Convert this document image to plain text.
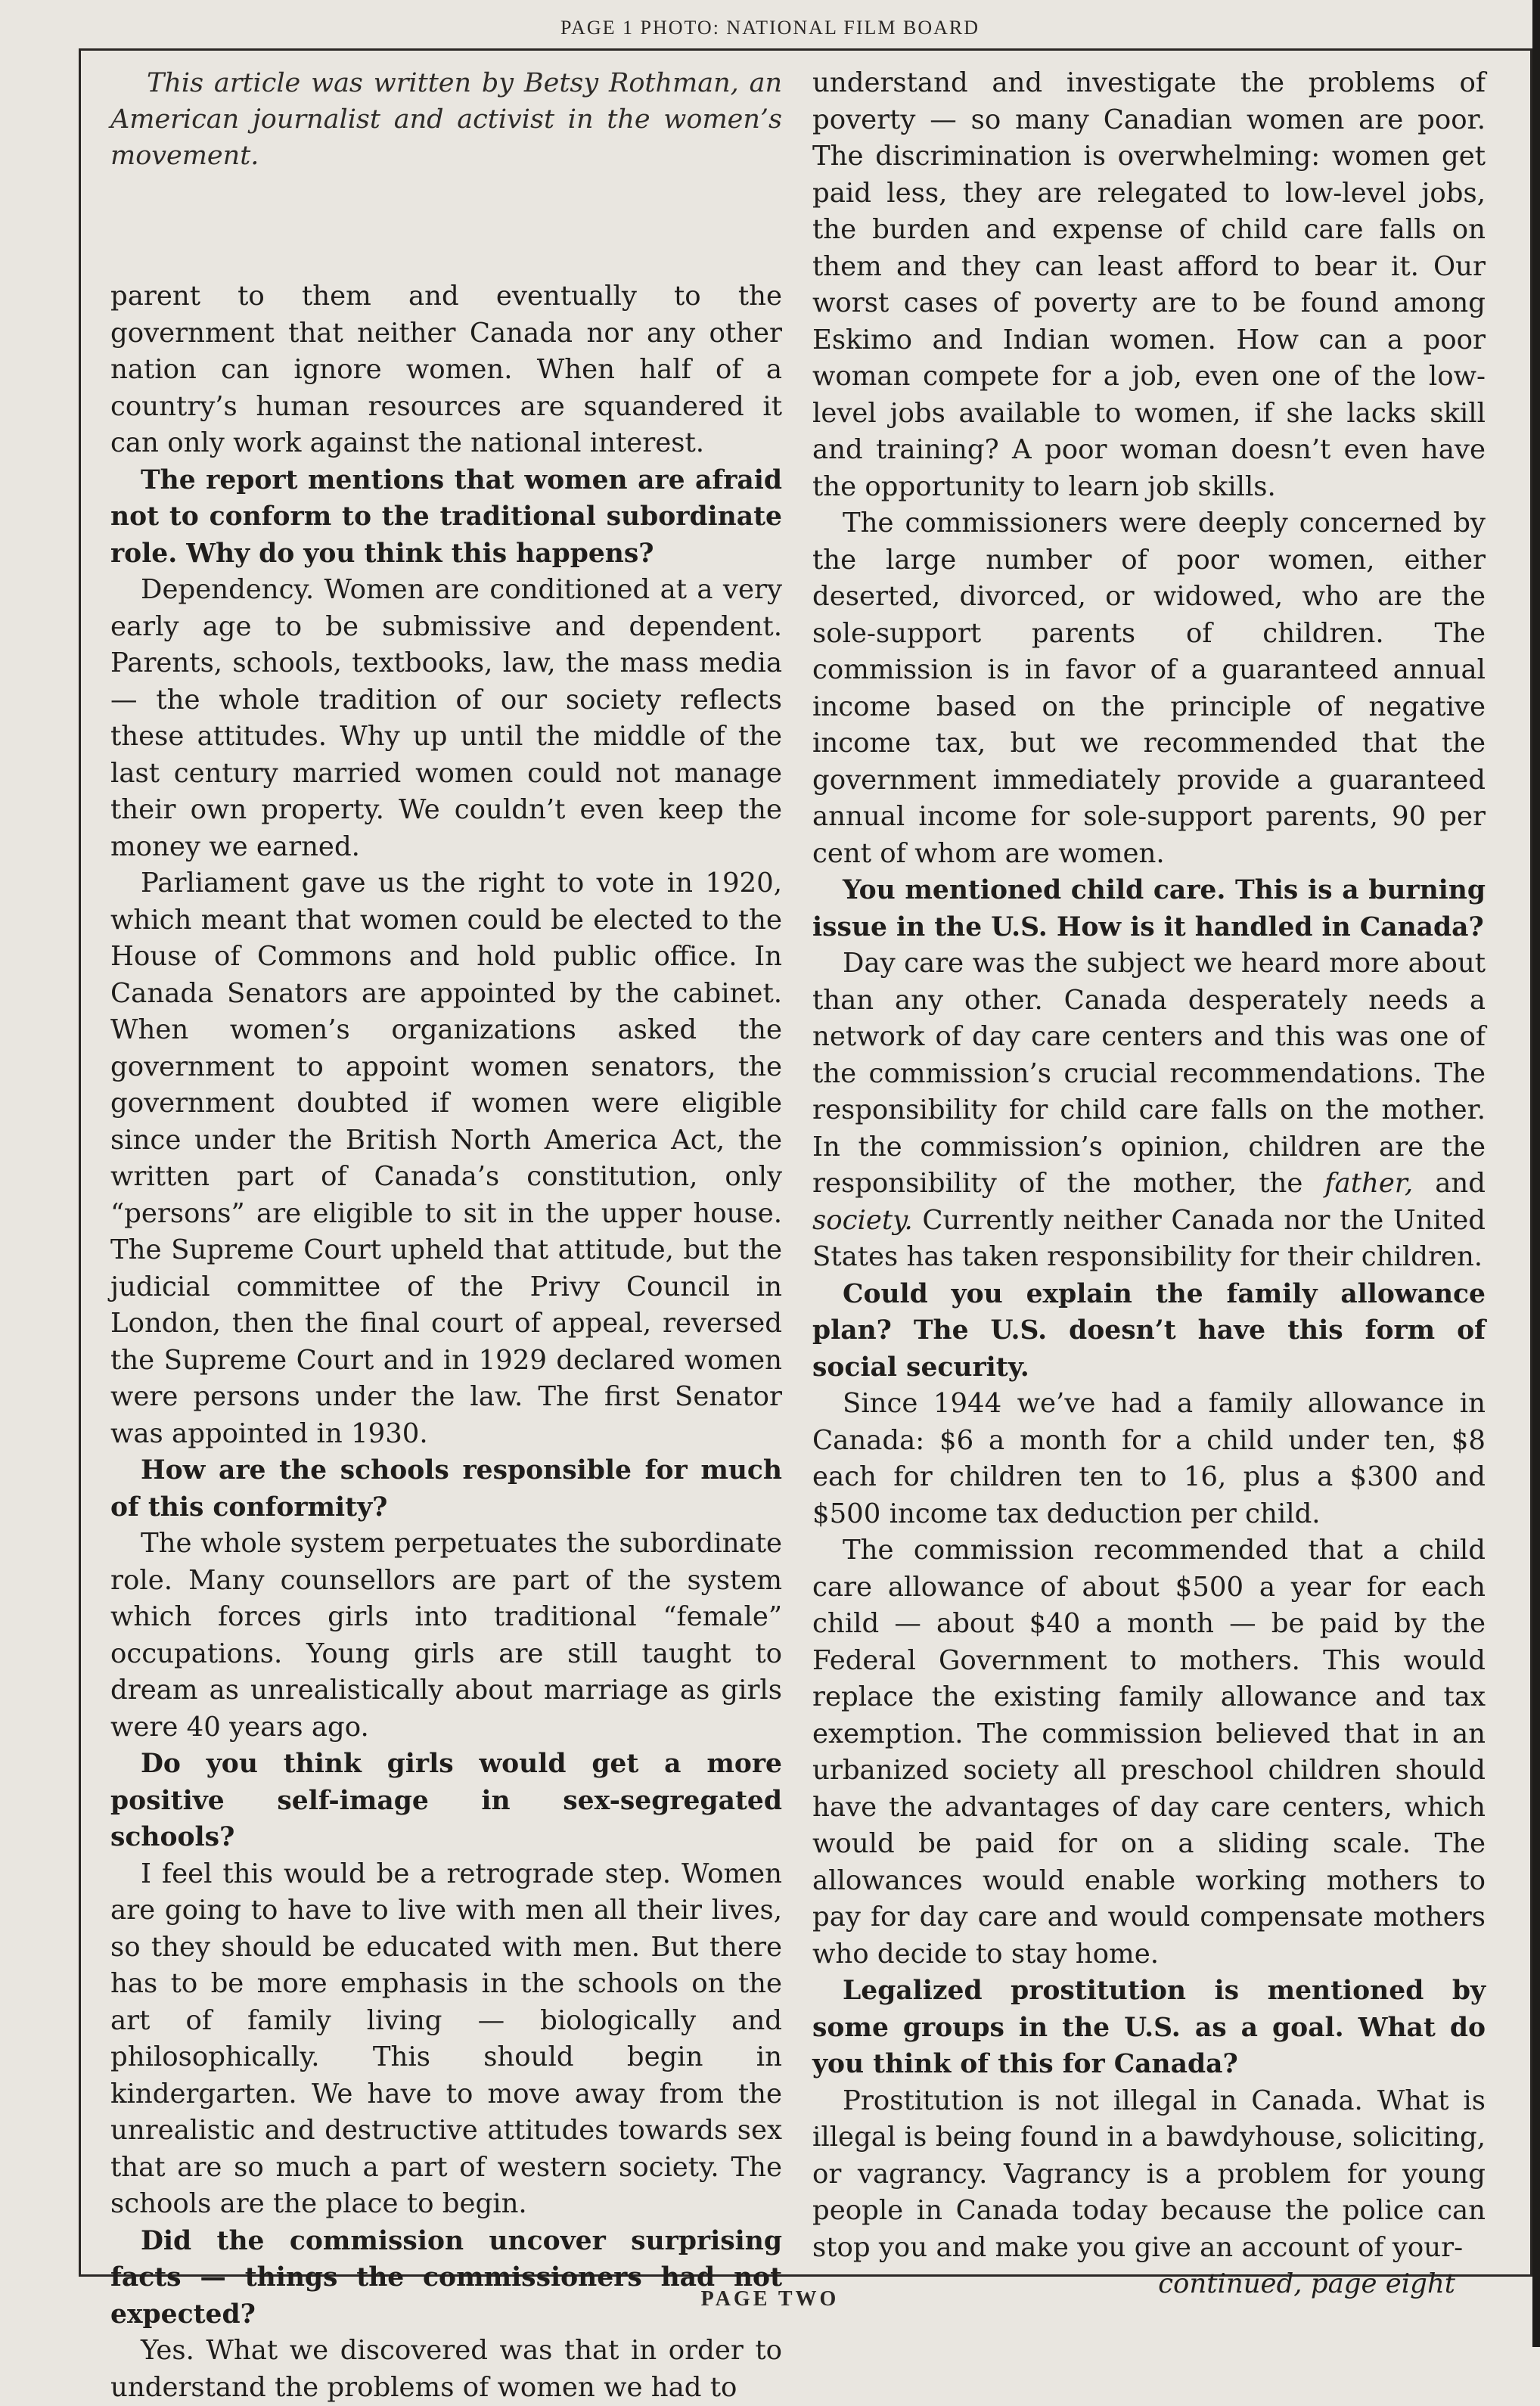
PAGE 1 PHOTO: NATIONAL FILM BOARD

This article was written by Betsy Rothman, an American journalist and activist in the women’s movement.

parent to them and eventually to the government that neither Canada nor any other nation can ignore women. When half of a country’s human resources are squandered it can only work against the national interest.

The report mentions that women are afraid not to conform to the traditional subordinate role. Why do you think this happens?

Dependency. Women are conditioned at a very early age to be submissive and dependent. Parents, schools, textbooks, law, the mass media — the whole tradition of our society reflects these attitudes. Why up until the middle of the last century married women could not manage their own property. We couldn’t even keep the money we earned.

Parliament gave us the right to vote in 1920, which meant that women could be elected to the House of Commons and hold public office. In Canada Senators are appointed by the cabinet. When women’s organizations asked the government to appoint women senators, the government doubted if women were eligible since under the British North America Act, the written part of Canada’s constitution, only “persons” are eligible to sit in the upper house. The Supreme Court upheld that attitude, but the judicial committee of the Privy Council in London, then the final court of appeal, reversed the Supreme Court and in 1929 declared women were persons under the law. The first Senator was appointed in 1930.

How are the schools responsible for much of this conformity?

The whole system perpetuates the subordinate role. Many counsellors are part of the system which forces girls into traditional “female” occupations. Young girls are still taught to dream as unrealistically about marriage as girls were 40 years ago.

Do you think girls would get a more positive self-image in sex-segregated schools?

I feel this would be a retrograde step. Women are going to have to live with men all their lives, so they should be educated with men. But there has to be more emphasis in the schools on the art of family living — biologically and philosophically. This should begin in kindergarten. We have to move away from the unrealistic and destructive attitudes towards sex that are so much a part of western society. The schools are the place to begin.

Did the commission uncover surprising facts — things the commissioners had not expected?

Yes. What we discovered was that in order to understand the problems of women we had to

understand and investigate the problems of poverty — so many Canadian women are poor. The discrimination is overwhelming: women get paid less, they are relegated to low-level jobs, the burden and expense of child care falls on them and they can least afford to bear it. Our worst cases of poverty are to be found among Eskimo and Indian women. How can a poor woman compete for a job, even one of the low-level jobs available to women, if she lacks skill and training? A poor woman doesn’t even have the opportunity to learn job skills.

The commissioners were deeply concerned by the large number of poor women, either deserted, divorced, or widowed, who are the sole-support parents of children. The commission is in favor of a guaranteed annual income based on the principle of negative income tax, but we recommended that the government immediately provide a guaranteed annual income for sole-support parents, 90 per cent of whom are women.

You mentioned child care. This is a burning issue in the U.S. How is it handled in Canada?

Day care was the subject we heard more about than any other. Canada desperately needs a network of day care centers and this was one of the commission’s crucial recommendations. The responsibility for child care falls on the mother. In the commission’s opinion, children are the responsibility of the mother, the father, and society. Currently neither Canada nor the United States has taken responsibility for their children.

Could you explain the family allowance plan? The U.S. doesn’t have this form of social security.

Since 1944 we’ve had a family allowance in Canada: $6 a month for a child under ten, $8 each for children ten to 16, plus a $300 and $500 income tax deduction per child.

The commission recommended that a child care allowance of about $500 a year for each child — about $40 a month — be paid by the Federal Government to mothers. This would replace the existing family allowance and tax exemption. The commission believed that in an urbanized society all preschool children should have the advantages of day care centers, which would be paid for on a sliding scale. The allowances would enable working mothers to pay for day care and would compensate mothers who decide to stay home.

Legalized prostitution is mentioned by some groups in the U.S. as a goal. What do you think of this for Canada?

Prostitution is not illegal in Canada. What is illegal is being found in a bawdyhouse, soliciting, or vagrancy. Vagrancy is a problem for young people in Canada today because the police can stop you and make you give an account of your-

continued, page eight

PAGE TWO
